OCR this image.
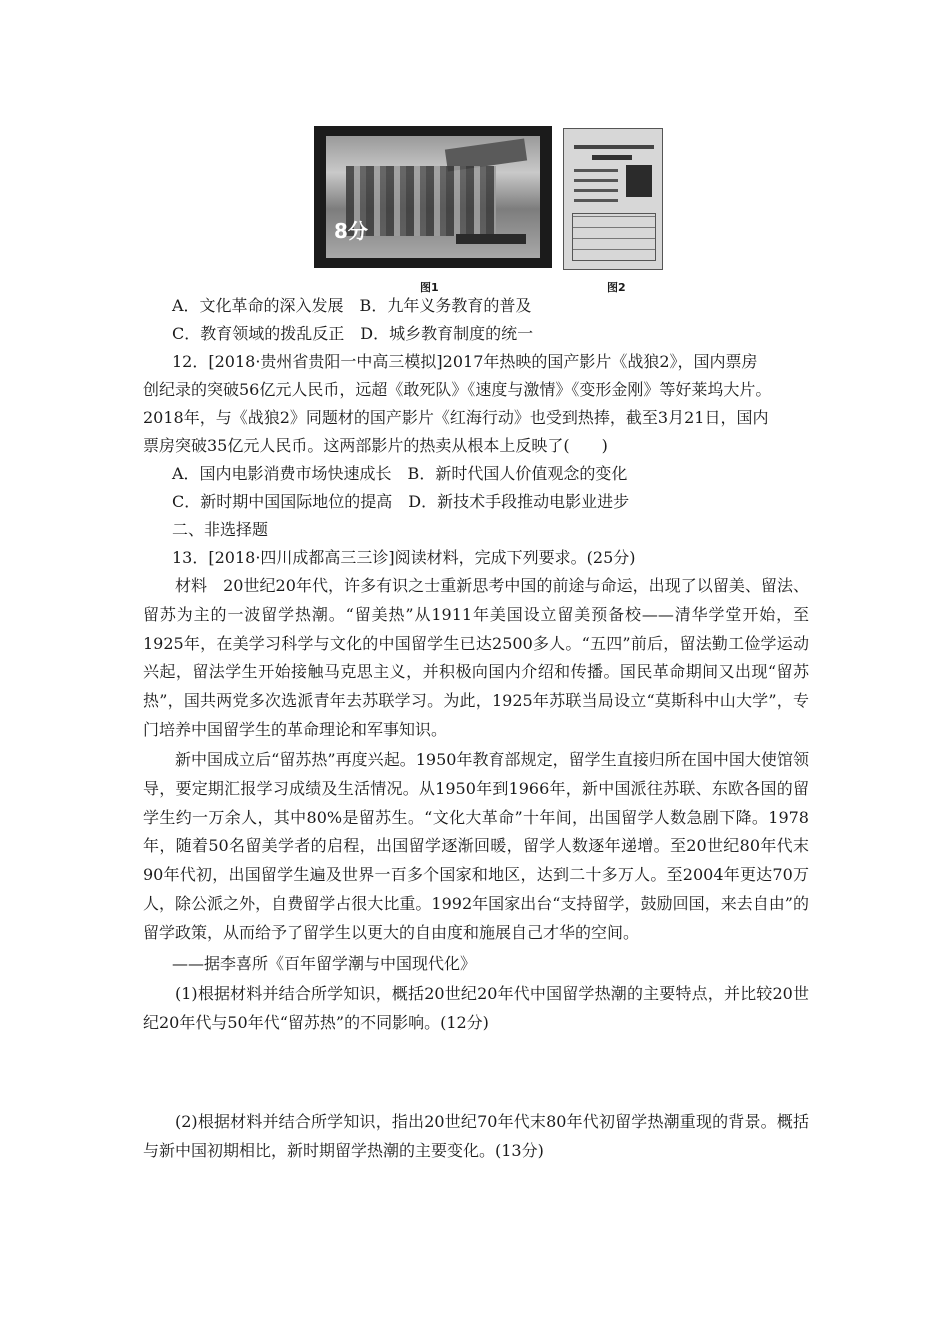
8分
图1	图2
A．文化革命的深入发展　B．九年义务教育的普及
C．教育领域的拨乱反正　D．城乡教育制度的统一
12．[2018·贵州省贵阳一中高三模拟]2017年热映的国产影片《战狼2》，国内票房
创纪录的突破56亿元人民币，远超《敢死队》《速度与激情》《变形金刚》等好莱坞大片。
2018年，与《战狼2》同题材的国产影片《红海行动》也受到热捧，截至3月21日，国内
票房突破35亿元人民币。这两部影片的热卖从根本上反映了(　　)
A．国内电影消费市场快速成长　B．新时代国人价值观念的变化
C．新时期中国国际地位的提高　D．新技术手段推动电影业进步
二、非选择题
13．[2018·四川成都高三三诊]阅读材料，完成下列要求。(25分)

材料　20世纪20年代，许多有识之士重新思考中国的前途与命运，出现了以留美、留法、留苏为主的一波留学热潮。“留美热”从1911年美国设立留美预备校——清华学堂开始，至1925年，在美学习科学与文化的中国留学生已达2500多人。“五四”前后，留法勤工俭学运动兴起，留法学生开始接触马克思主义，并积极向国内介绍和传播。国民革命期间又出现“留苏热”，国共两党多次选派青年去苏联学习。为此，1925年苏联当局设立“莫斯科中山大学”，专门培养中国留学生的革命理论和军事知识。

新中国成立后“留苏热”再度兴起。1950年教育部规定，留学生直接归所在国中国大使馆领导，要定期汇报学习成绩及生活情况。从1950年到1966年，新中国派往苏联、东欧各国的留学生约一万余人，其中80%是留苏生。“文化大革命”十年间，出国留学人数急剧下降。1978年，随着50名留美学者的启程，出国留学逐渐回暖，留学人数逐年递增。至20世纪80年代末90年代初，出国留学生遍及世界一百多个国家和地区，达到二十多万人。至2004年更达70万人，除公派之外，自费留学占很大比重。1992年国家出台“支持留学，鼓励回国，来去自由”的留学政策，从而给予了留学生以更大的自由度和施展自己才华的空间。

——据李喜所《百年留学潮与中国现代化》

(1)根据材料并结合所学知识，概括20世纪20年代中国留学热潮的主要特点，并比较20世纪20年代与50年代“留苏热”的不同影响。(12分)

(2)根据材料并结合所学知识，指出20世纪70年代末80年代初留学热潮重现的背景。概括与新中国初期相比，新时期留学热潮的主要变化。(13分)
